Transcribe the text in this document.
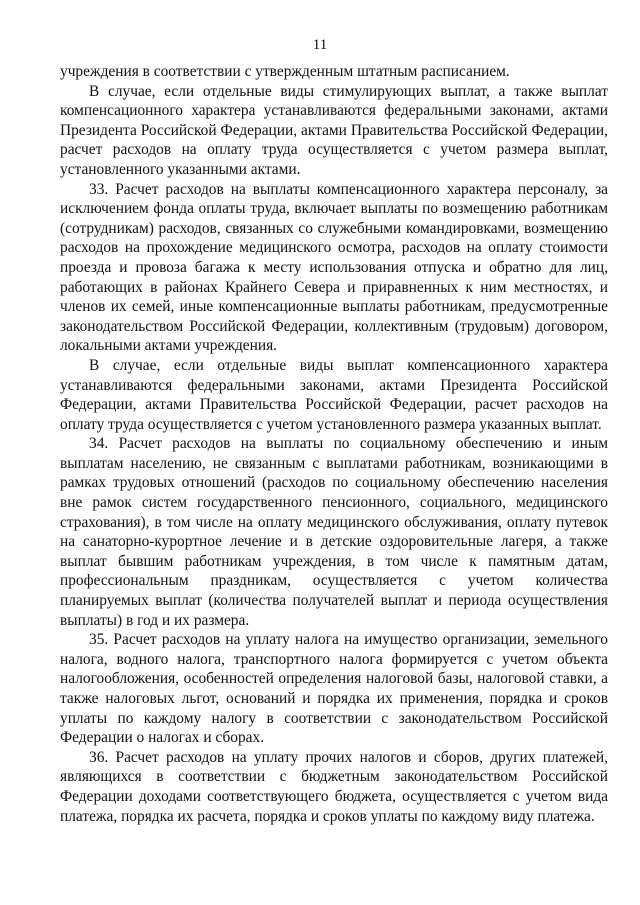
11

учреждения в соответствии с утвержденным штатным расписанием.

В случае, если отдельные виды стимулирующих выплат, а также выплат компенсационного характера устанавливаются федеральными законами, актами Президента Российской Федерации, актами Правительства Российской Федерации, расчет расходов на оплату труда осуществляется с учетом размера выплат, установленного указанными актами.

33. Расчет расходов на выплаты компенсационного характера персоналу, за исключением фонда оплаты труда, включает выплаты по возмещению работникам (сотрудникам) расходов, связанных со служебными командировками, возмещению расходов на прохождение медицинского осмотра, расходов на оплату стоимости проезда и провоза багажа к месту использования отпуска и обратно для лиц, работающих в районах Крайнего Севера и приравненных к ним местностях, и членов их семей, иные компенсационные выплаты работникам, предусмотренные законодательством Российской Федерации, коллективным (трудовым) договором, локальными актами учреждения.

В случае, если отдельные виды выплат компенсационного характера устанавливаются федеральными законами, актами Президента Российской Федерации, актами Правительства Российской Федерации, расчет расходов на оплату труда осуществляется с учетом установленного размера указанных выплат.

34. Расчет расходов на выплаты по социальному обеспечению и иным выплатам населению, не связанным с выплатами работникам, возникающими в рамках трудовых отношений (расходов по социальному обеспечению населения вне рамок систем государственного пенсионного, социального, медицинского страхования), в том числе на оплату медицинского обслуживания, оплату путевок на санаторно-курортное лечение и в детские оздоровительные лагеря, а также выплат бывшим работникам учреждения, в том числе к памятным датам, профессиональным праздникам, осуществляется с учетом количества планируемых выплат (количества получателей выплат и периода осуществления выплаты) в год и их размера.

35. Расчет расходов на уплату налога на имущество организации, земельного налога, водного налога, транспортного налога формируется с учетом объекта налогообложения, особенностей определения налоговой базы, налоговой ставки, а также налоговых льгот, оснований и порядка их применения, порядка и сроков уплаты по каждому налогу в соответствии с законодательством Российской Федерации о налогах и сборах.

36. Расчет расходов на уплату прочих налогов и сборов, других платежей, являющихся в соответствии с бюджетным законодательством Российской Федерации доходами соответствующего бюджета, осуществляется с учетом вида платежа, порядка их расчета, порядка и сроков уплаты по каждому виду платежа.
